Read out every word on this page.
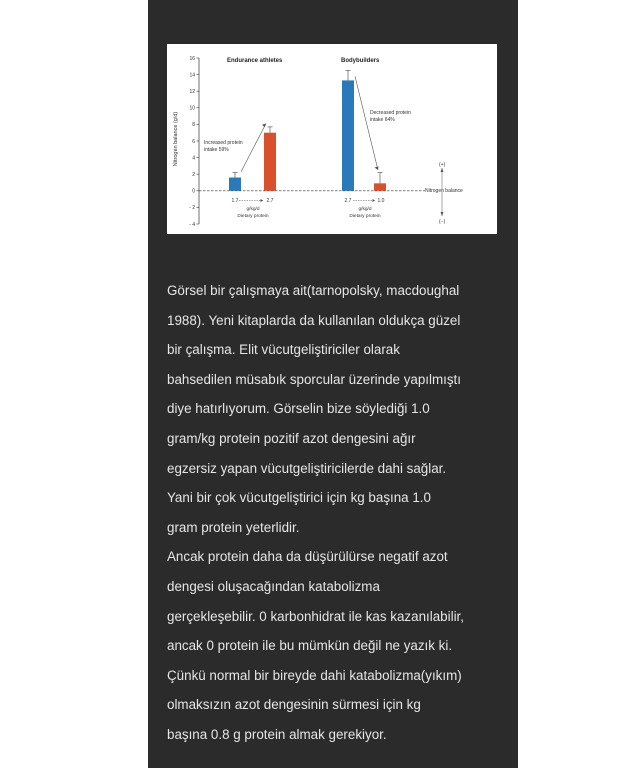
16
14
12
10
8
6
4
2
0
- 2
- 4
Nitrogen balance (g/d)
Endurance athletes	Bodybuilders
Increased protein
intake 59%
Decreased protein
intake 64%
1.7	2.7	2.7	1.0
g/kg/d
Dietary protein
g/kg/d
Dietary protein
Nitrogen balance
(+)
(−)

Görsel bir çalışmaya ait(tarnopolsky, macdoughal

1988). Yeni kitaplarda da kullanılan oldukça güzel

bir çalışma. Elit vücutgeliştiriciler olarak

bahsedilen müsabık sporcular üzerinde yapılmıştı

diye hatırlıyorum. Görselin bize söylediği 1.0

gram/kg protein pozitif azot dengesini ağır

egzersiz yapan vücutgeliştiricilerde dahi sağlar.

Yani bir çok vücutgeliştirici için kg başına 1.0

gram protein yeterlidir.

Ancak protein daha da düşürülürse negatif azot

dengesi oluşacağından katabolizma

gerçekleşebilir. 0 karbonhidrat ile kas kazanılabilir,

ancak 0 protein ile bu mümkün değil ne yazık ki.

Çünkü normal bir bireyde dahi katabolizma(yıkım)

olmaksızın azot dengesinin sürmesi için kg

başına 0.8 g protein almak gerekiyor.
